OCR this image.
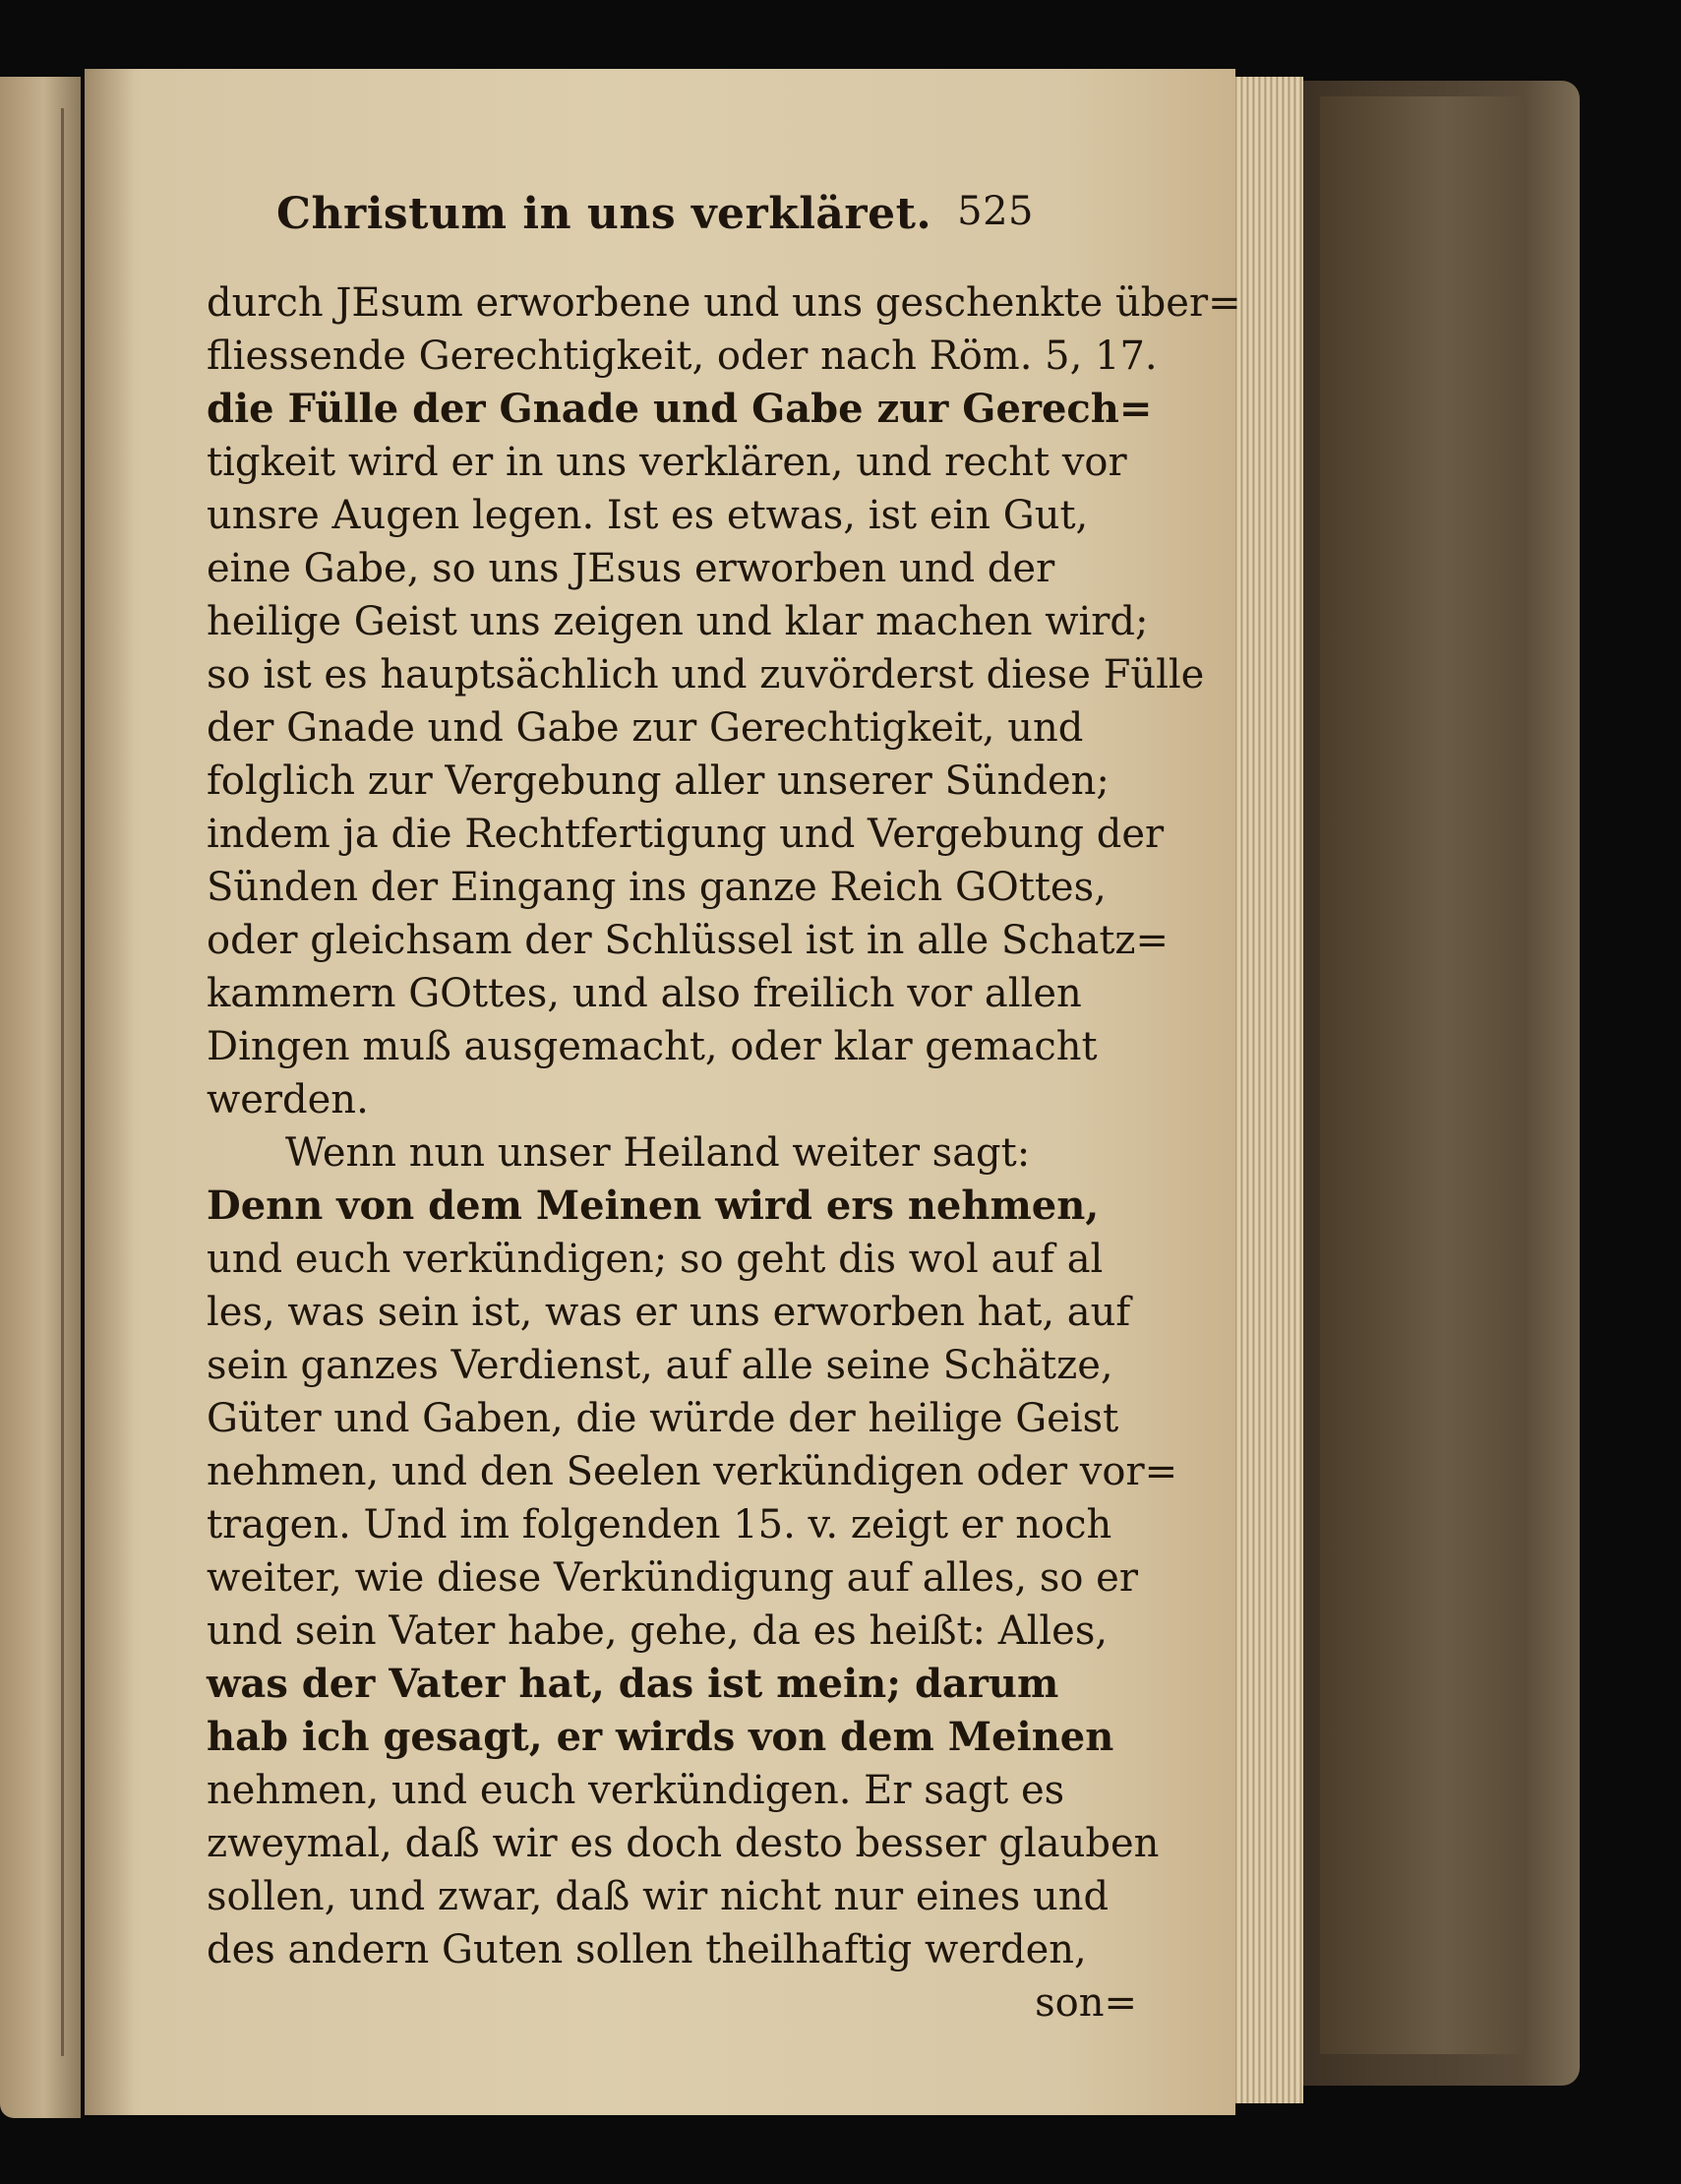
Christum in uns verkläret. 525
durch JEsum erworbene und uns geschenkte über=
fliessende Gerechtigkeit, oder nach Röm. 5, 17.
die Fülle der Gnade und Gabe zur Gerech=
tigkeit wird er in uns verklären, und recht vor
unsre Augen legen. Ist es etwas, ist ein Gut,
eine Gabe, so uns JEsus erworben und der
heilige Geist uns zeigen und klar machen wird;
so ist es hauptsächlich und zuvörderst diese Fülle
der Gnade und Gabe zur Gerechtigkeit, und
folglich zur Vergebung aller unserer Sünden;
indem ja die Rechtfertigung und Vergebung der
Sünden der Eingang ins ganze Reich GOttes,
oder gleichsam der Schlüssel ist in alle Schatz=
kammern GOttes, und also freilich vor allen
Dingen muß ausgemacht, oder klar gemacht
werden.
Wenn nun unser Heiland weiter sagt:
Denn von dem Meinen wird ers nehmen,
und euch verkündigen; so geht dis wol auf al
les, was sein ist, was er uns erworben hat, auf
sein ganzes Verdienst, auf alle seine Schätze,
Güter und Gaben, die würde der heilige Geist
nehmen, und den Seelen verkündigen oder vor=
tragen. Und im folgenden 15. v. zeigt er noch
weiter, wie diese Verkündigung auf alles, so er
und sein Vater habe, gehe, da es heißt: Alles,
was der Vater hat, das ist mein; darum
hab ich gesagt, er wirds von dem Meinen
nehmen, und euch verkündigen. Er sagt es
zweymal, daß wir es doch desto besser glauben
sollen, und zwar, daß wir nicht nur eines und
des andern Guten sollen theilhaftig werden,
son=
